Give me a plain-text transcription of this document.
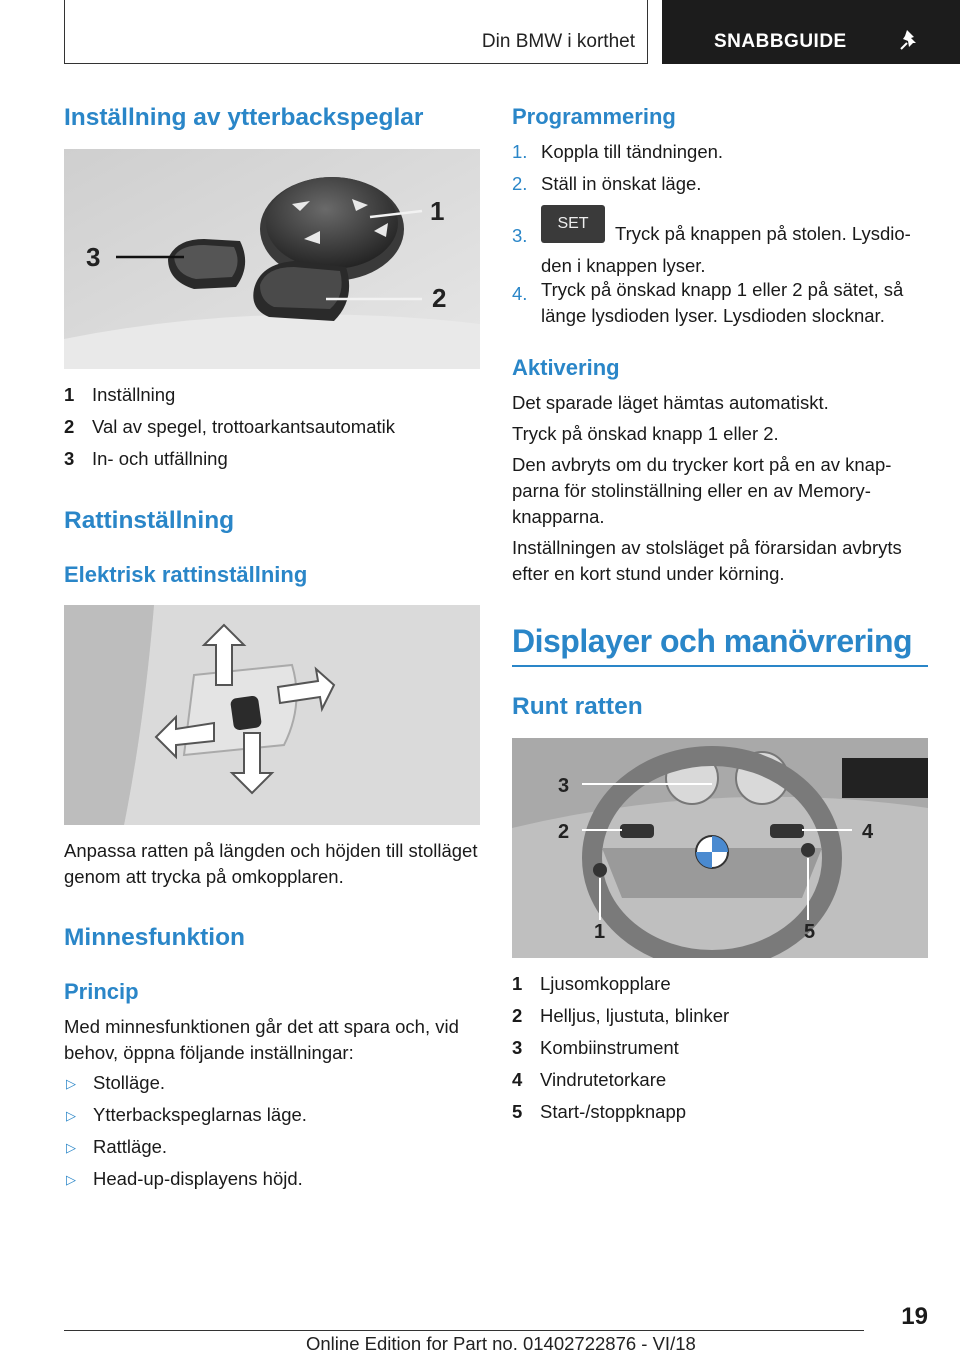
Din BMW i korthet	SNABBGUIDE
Inställning av ytterbackspeglar
3
1
2
1 Inställning
2 Val av spegel, trottoarkantsautomatik
3 In- och utfällning
Rattinställning
Elektrisk rattinställning
Anpassa ratten på längden och höjden till stolläget genom att trycka på omkopplaren.
Minnesfunktion
Princip
Med minnesfunktionen går det att spara och, vid behov, öppna följande inställningar:
▷ Stolläge.
▷ Ytterbackspeglarnas läge.
▷ Rattläge.
▷ Head-up-displayens höjd.
Programmering
1. Koppla till tändningen.
2. Ställ in önskat läge.
3.
SET	Tryck på knappen på stolen. Lysdioden i knappen lyser.
4. Tryck på önskad knapp 1 eller 2 på sätet, så länge lysdioden lyser. Lysdioden slocknar.
Aktivering
Det sparade läget hämtas automatiskt.
Tryck på önskad knapp 1 eller 2.
Den avbryts om du trycker kort på en av knapparna för stolinställning eller en av Memory-knapparna.
Inställningen av stolsläget på förarsidan avbryts efter en kort stund under körning.
Displayer och manövrering
Runt ratten
3
2	4
1	5
1 Ljusomkopplare
2 Helljus, ljustuta, blinker
3 Kombiinstrument
4 Vindrutetorkare
5 Start-/stoppknapp
19
Online Edition for Part no. 01402722876 - VI/18
